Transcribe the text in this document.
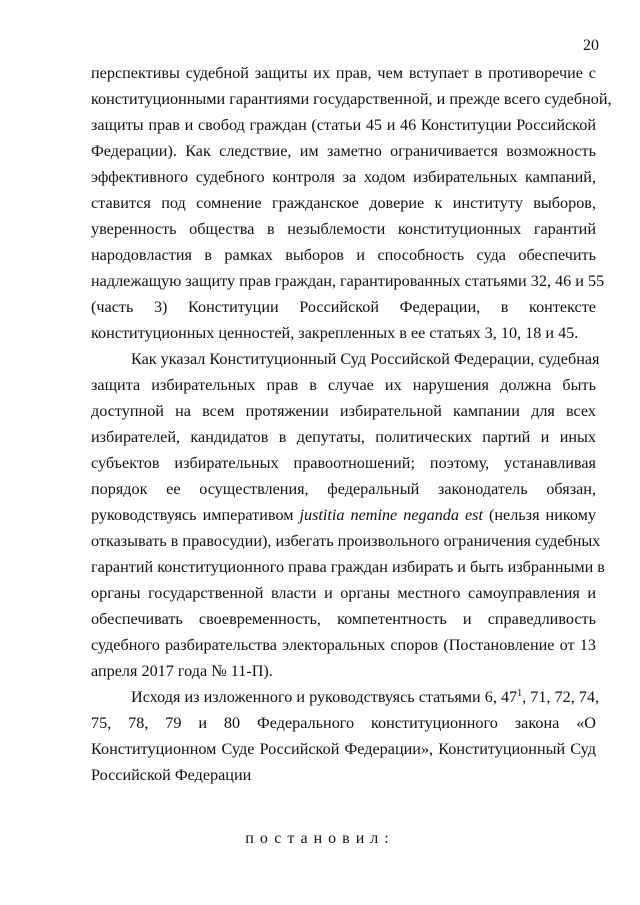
20
перспективы судебной защиты их прав, чем вступает в противоречие с
конституционными гарантиями государственной, и прежде всего судебной,
защиты прав и свобод граждан (статьи 45 и 46 Конституции Российской
Федерации). Как следствие, им заметно ограничивается возможность
эффективного судебного контроля за ходом избирательных кампаний,
ставится под сомнение гражданское доверие к институту выборов,
уверенность общества в незыблемости конституционных гарантий
народовластия в рамках выборов и способность суда обеспечить
надлежащую защиту прав граждан, гарантированных статьями 32, 46 и 55
(часть 3) Конституции Российской Федерации, в контексте
конституционных ценностей, закрепленных в ее статьях 3, 10, 18 и 45.
Как указал Конституционный Суд Российской Федерации, судебная
защита избирательных прав в случае их нарушения должна быть
доступной на всем протяжении избирательной кампании для всех
избирателей, кандидатов в депутаты, политических партий и иных
субъектов избирательных правоотношений; поэтому, устанавливая
порядок ее осуществления, федеральный законодатель обязан,
руководствуясь императивом justitia nemine neganda est (нельзя никому
отказывать в правосудии), избегать произвольного ограничения судебных
гарантий конституционного права граждан избирать и быть избранными в
органы государственной власти и органы местного самоуправления и
обеспечивать своевременность, компетентность и справедливость
судебного разбирательства электоральных споров (Постановление от 13
апреля 2017 года № 11-П).
Исходя из изложенного и руководствуясь статьями 6, $47^1$, 71, 72, 74,
75, 78, 79 и 80 Федерального конституционного закона «О
Конституционном Суде Российской Федерации», Конституционный Суд
Российской Федерации
постановил:
